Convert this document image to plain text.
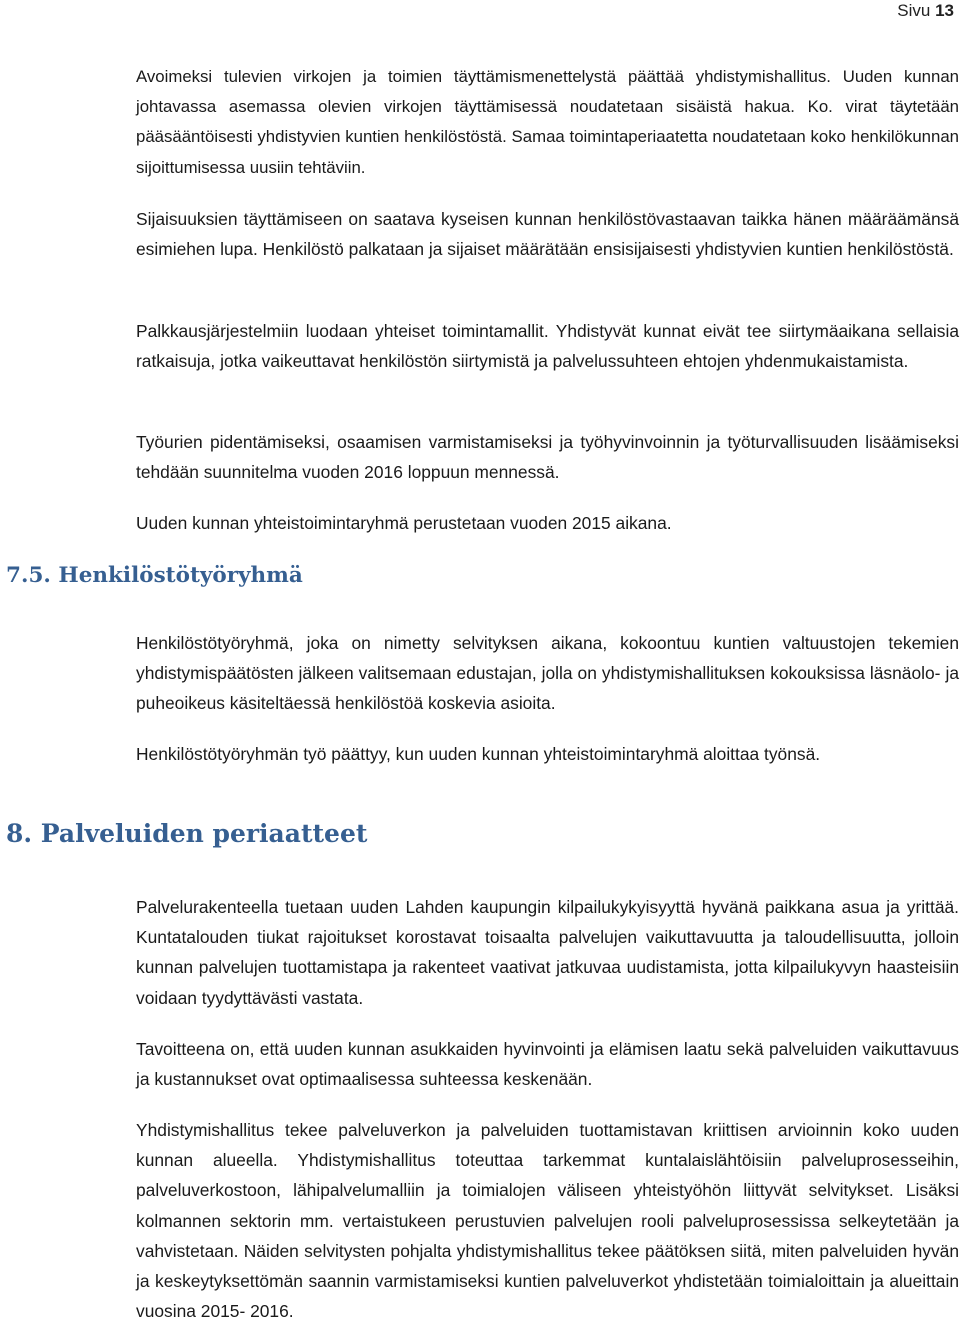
Sivu 13

Avoimeksi tulevien virkojen ja toimien täyttämismenettelystä päättää yhdistymishallitus. Uuden kunnan johtavassa asemassa olevien virkojen täyttämisessä noudatetaan sisäistä hakua. Ko. virat täytetään pääsääntöisesti yhdistyvien kuntien henkilöstöstä. Samaa toimintaperiaatetta noudatetaan koko henkilökunnan sijoittumisessa uusiin tehtäviin.

Sijaisuuksien täyttämiseen on saatava kyseisen kunnan henkilöstövastaavan taikka hänen määräämänsä esimiehen lupa. Henkilöstö palkataan ja sijaiset määrätään ensisijaisesti yhdistyvien kuntien henkilöstöstä.

Palkkausjärjestelmiin luodaan yhteiset toimintamallit. Yhdistyvät kunnat eivät tee siirtymäaikana sellaisia ratkaisuja, jotka vaikeuttavat henkilöstön siirtymistä ja palvelussuhteen ehtojen yhdenmukaistamista.

Työurien pidentämiseksi, osaamisen varmistamiseksi ja työhyvinvoinnin ja työturvallisuuden lisäämiseksi tehdään suunnitelma vuoden 2016 loppuun mennessä.

Uuden kunnan yhteistoimintaryhmä perustetaan vuoden 2015 aikana.

7.5. Henkilöstötyöryhmä

Henkilöstötyöryhmä, joka on nimetty selvityksen aikana, kokoontuu kuntien valtuustojen tekemien yhdistymispäätösten jälkeen valitsemaan edustajan, jolla on yhdistymishallituksen kokouksissa läsnäolo- ja puheoikeus käsiteltäessä henkilöstöä koskevia asioita.

Henkilöstötyöryhmän työ päättyy, kun uuden kunnan yhteistoimintaryhmä aloittaa työnsä.

8. Palveluiden periaatteet

Palvelurakenteella tuetaan uuden Lahden kaupungin kilpailukykyisyyttä hyvänä paikkana asua ja yrittää. Kuntatalouden tiukat rajoitukset korostavat toisaalta palvelujen vaikuttavuutta ja taloudellisuutta, jolloin kunnan palvelujen tuottamistapa ja rakenteet vaativat jatkuvaa uudistamista, jotta kilpailukyvyn haasteisiin voidaan tyydyttävästi vastata.

Tavoitteena on, että uuden kunnan asukkaiden hyvinvointi ja elämisen laatu sekä palveluiden vaikuttavuus ja kustannukset ovat optimaalisessa suhteessa keskenään.

Yhdistymishallitus tekee palveluverkon ja palveluiden tuottamistavan kriittisen arvioinnin koko uuden kunnan alueella. Yhdistymishallitus toteuttaa tarkemmat kuntalaislähtöisiin palveluprosesseihin, palveluverkostoon, lähipalvelumalliin ja toimialojen väliseen yhteistyöhön liittyvät selvitykset. Lisäksi kolmannen sektorin mm. vertaistukeen perustuvien palvelujen rooli palveluprosessissa selkeytetään ja vahvistetaan. Näiden selvitysten pohjalta yhdistymishallitus tekee päätöksen siitä, miten palveluiden hyvän ja keskeytyksettömän saannin varmistamiseksi kuntien palveluverkot yhdistetään toimialoittain ja alueittain vuosina 2015- 2016.
